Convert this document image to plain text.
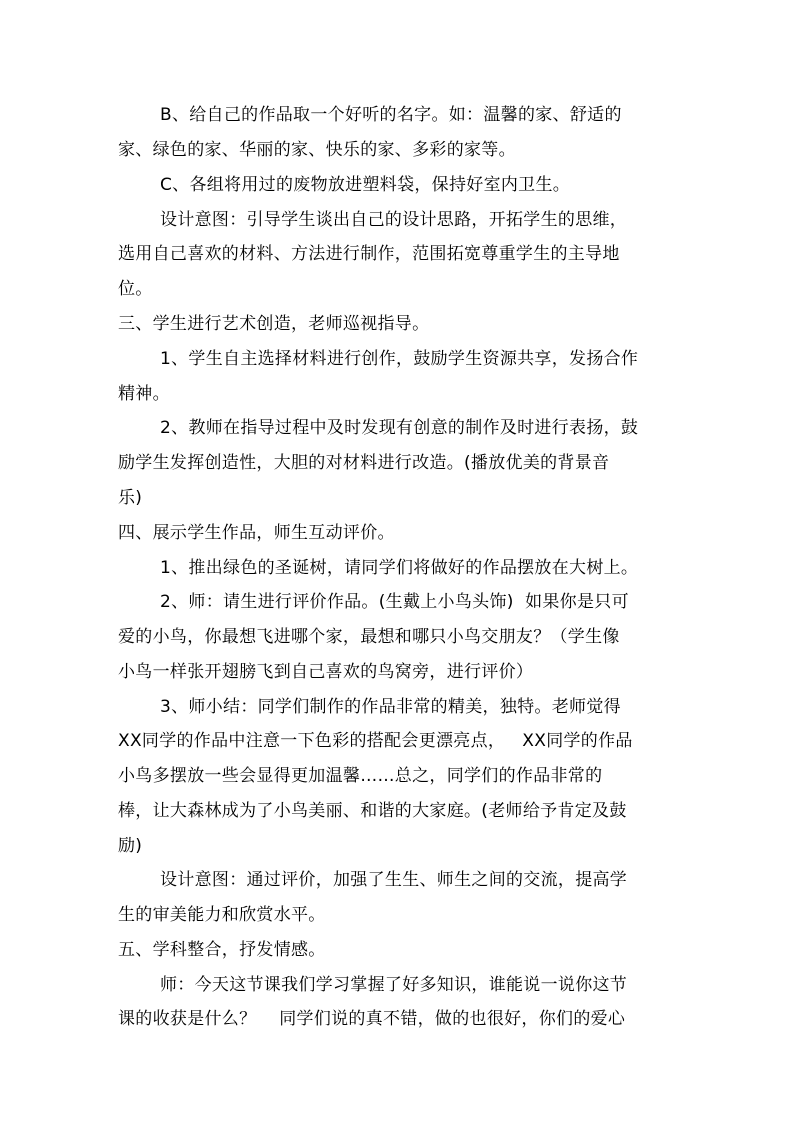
B、给自己的作品取一个好听的名字。如：温馨的家、舒适的
家、绿色的家、华丽的家、快乐的家、多彩的家等。
C、各组将用过的废物放进塑料袋，保持好室内卫生。
设计意图：引导学生谈出自己的设计思路，开拓学生的思维，
选用自己喜欢的材料、方法进行制作，范围拓宽尊重学生的主导地
位。
三、学生进行艺术创造，老师巡视指导。
1、学生自主选择材料进行创作，鼓励学生资源共享，发扬合作
精神。
2、教师在指导过程中及时发现有创意的制作及时进行表扬，鼓
励学生发挥创造性，大胆的对材料进行改造。(播放优美的背景音
乐)
四、展示学生作品，师生互动评价。
1、推出绿色的圣诞树，请同学们将做好的作品摆放在大树上。
2、师：请生进行评价作品。(生戴上小鸟头饰)  如果你是只可
爱的小鸟，你最想飞进哪个家，最想和哪只小鸟交朋友？（学生像
小鸟一样张开翅膀飞到自己喜欢的鸟窝旁，进行评价）
3、师小结：同学们制作的作品非常的精美，独特。老师觉得
XX同学的作品中注意一下色彩的搭配会更漂亮点，   XX同学的作品
小鸟多摆放一些会显得更加温馨……总之，同学们的作品非常的
棒，让大森林成为了小鸟美丽、和谐的大家庭。(老师给予肯定及鼓
励)
设计意图：通过评价，加强了生生、师生之间的交流，提高学
生的审美能力和欣赏水平。
五、学科整合，抒发情感。
师：今天这节课我们学习掌握了好多知识，谁能说一说你这节
课的收获是什么？    同学们说的真不错，做的也很好，你们的爱心
